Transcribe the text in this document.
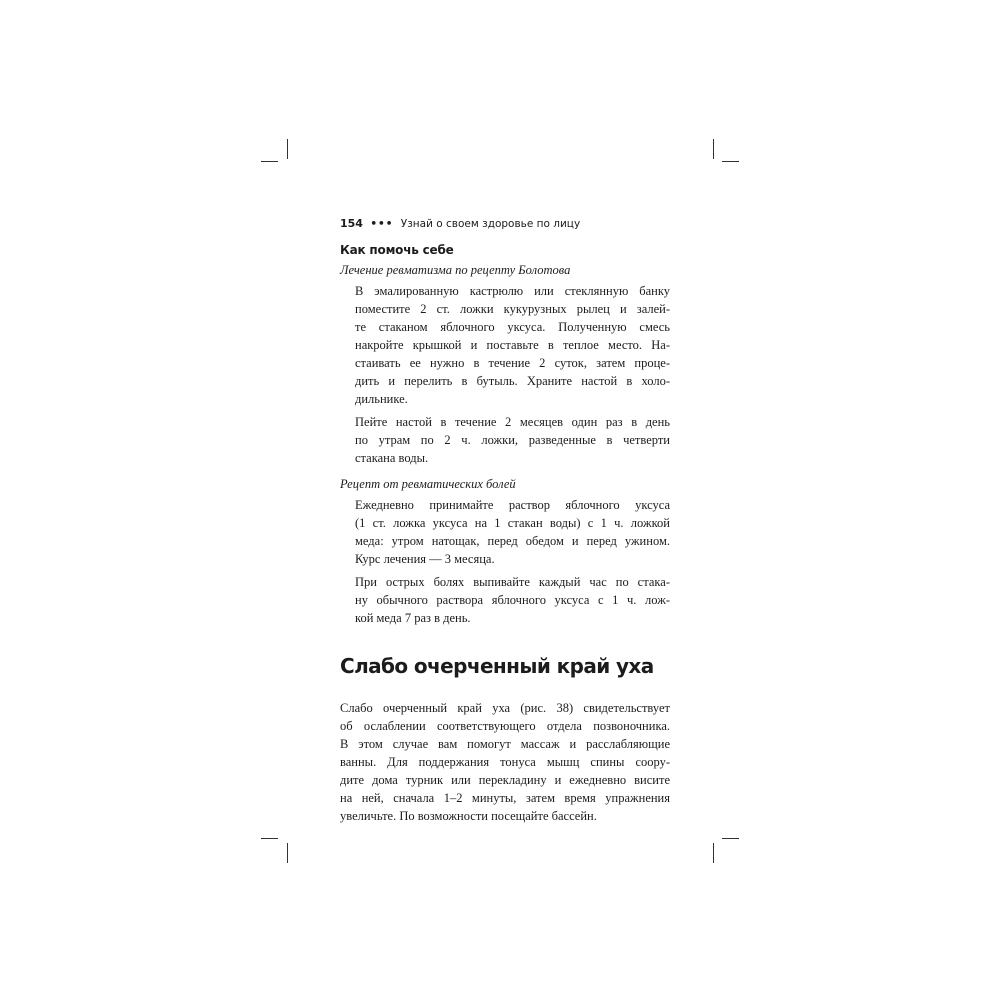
154 ••• Узнай о своем здоровье по лицу
Как помочь себе
Лечение ревматизма по рецепту Болотова

В эмалированную кастрюлю или стеклянную банку
поместите 2 ст. ложки кукурузных рылец и залей-
те стаканом яблочного уксуса. Полученную смесь
накройте крышкой и поставьте в теплое место. На-
стаивать ее нужно в течение 2 суток, затем проце-
дить и перелить в бутыль. Храните настой в холо-
дильнике.

Пейте настой в течение 2 месяцев один раз в день
по утрам по 2 ч. ложки, разведенные в четверти
стакана воды.

Рецепт от ревматических болей

Ежедневно принимайте раствор яблочного уксуса
(1 ст. ложка уксуса на 1 стакан воды) с 1 ч. ложкой
меда: утром натощак, перед обедом и перед ужином.
Курс лечения — 3 месяца.

При острых болях выпивайте каждый час по стака-
ну обычного раствора яблочного уксуса с 1 ч. лож-
кой меда 7 раз в день.

Слабо очерченный край уха

Слабо очерченный край уха (рис. 38) свидетельствует
об ослаблении соответствующего отдела позвоночника.
В этом случае вам помогут массаж и расслабляющие
ванны. Для поддержания тонуса мышц спины соору-
дите дома турник или перекладину и ежедневно висите
на ней, сначала 1–2 минуты, затем время упражнения
увеличьте. По возможности посещайте бассейн.
